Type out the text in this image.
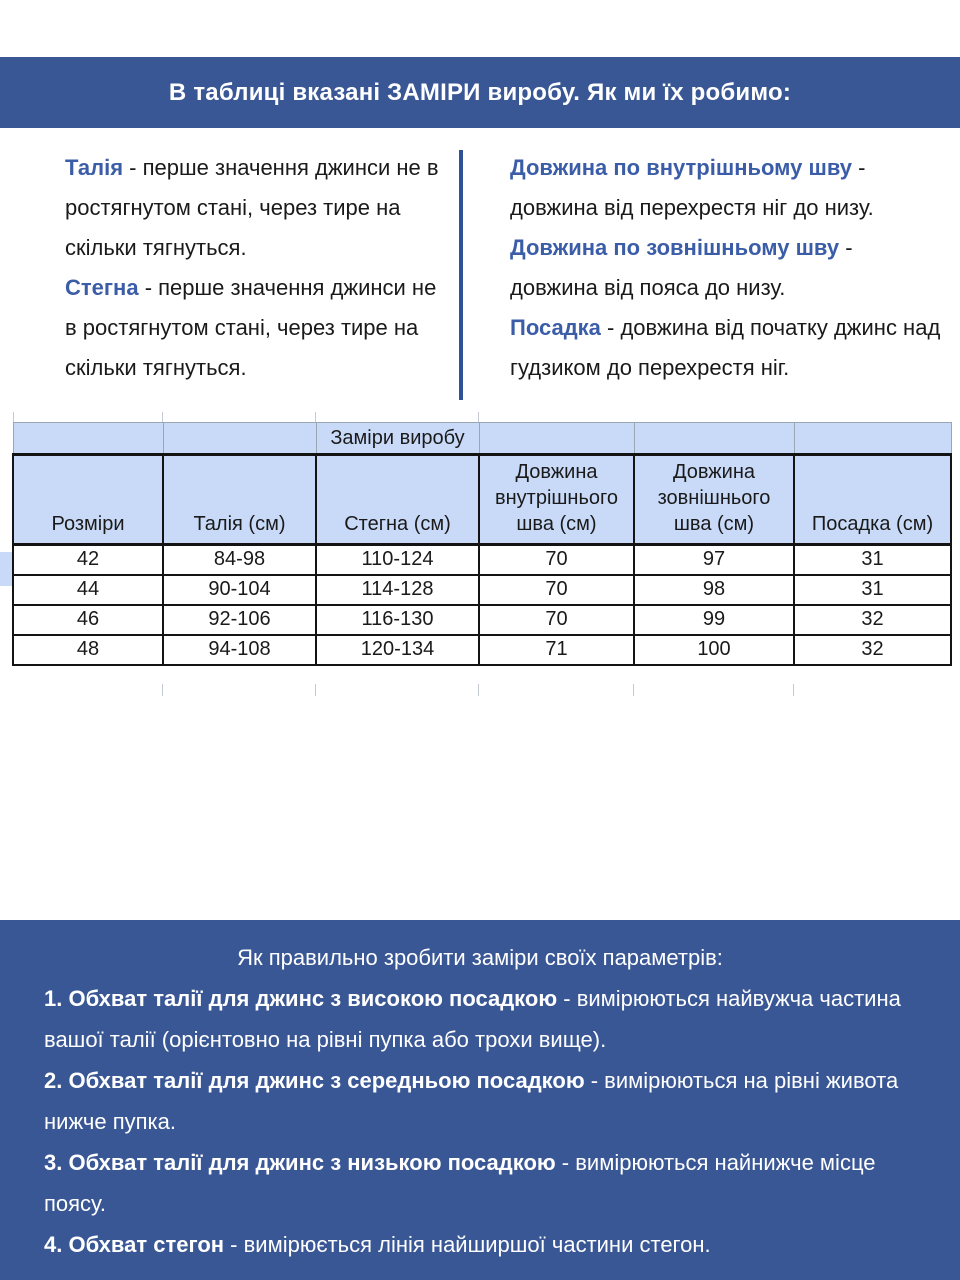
В таблиці вказані ЗАМІРИ виробу. Як ми їх робимо:

Талія - перше значення джинси не в ростягнутом стані, через тире на скільки тягнуться.

Стегна - перше значення джинси не в ростягнутом стані, через тире на скільки тягнуться.

Довжина по внутрішньому шву - довжина від перехрестя ніг до низу.

Довжина по зовнішньому шву - довжина від пояса до низу.

Посадка - довжина від початку джинс над гудзиком до перехрестя ніг.

		Заміри виробу			
Розміри	Талія (см)	Стегна (см)	Довжина внутрішнього шва (см)	Довжина зовнішнього шва (см)	Посадка (см)
42	84-98	110-124	70	97	31
44	90-104	114-128	70	98	31
46	92-106	116-130	70	99	32
48	94-108	120-134	71	100	32

Як правильно зробити заміри своїх параметрів:

1. Обхват талії для джинс з високою посадкою - вимірюються найвужча частина вашої талії (орієнтовно на рівні пупка або трохи вище).

2. Обхват талії для джинс з середньою посадкою - вимірюються на рівні живота нижче пупка.

3. Обхват талії для джинс з низькою посадкою - вимірюються найнижче місце поясу.

4. Обхват стегон - вимірюється лінія найширшої частини стегон.
